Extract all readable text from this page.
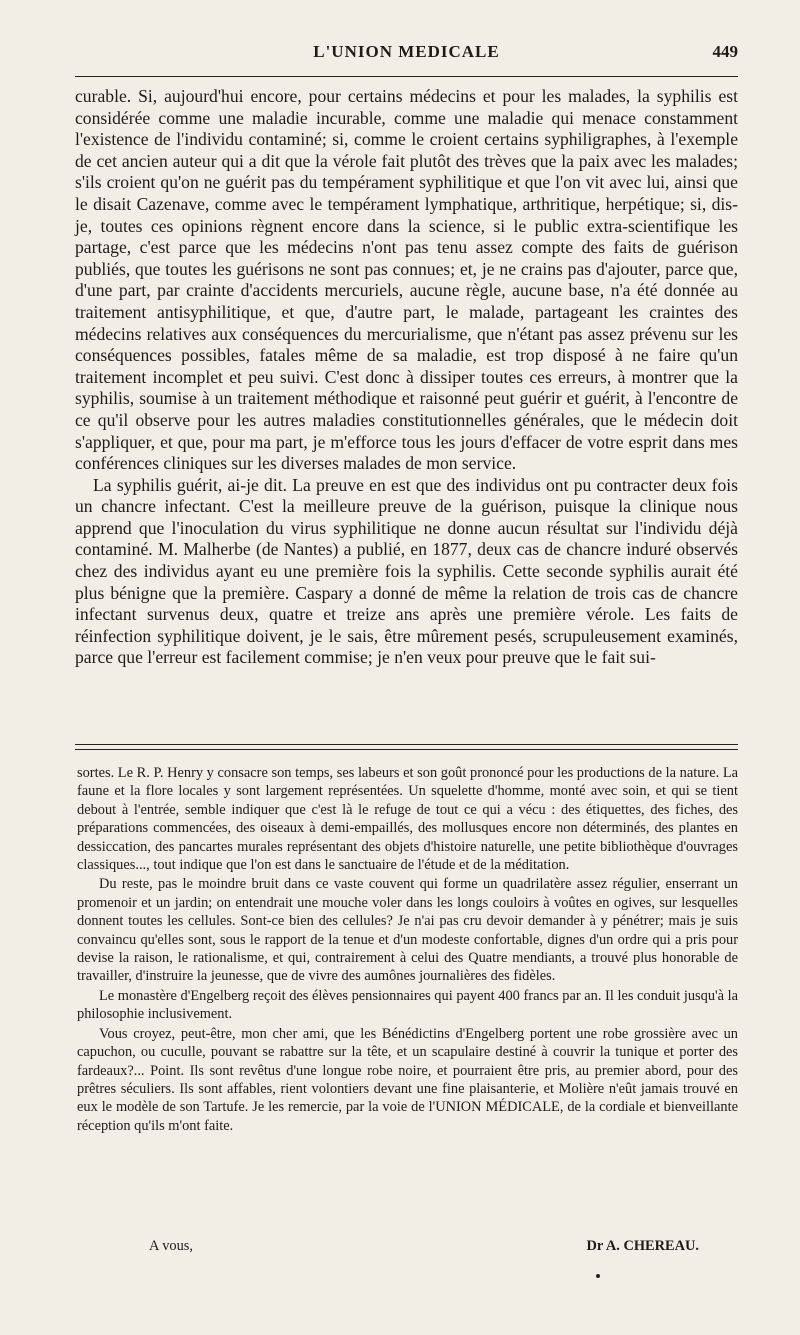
L'UNION MEDICALE	449

curable. Si, aujourd'hui encore, pour certains médecins et pour les malades, la syphilis est considérée comme une maladie incurable, comme une maladie qui menace constamment l'existence de l'individu contaminé; si, comme le croient certains syphiligraphes, à l'exemple de cet ancien auteur qui a dit que la vérole fait plutôt des trèves que la paix avec les malades; s'ils croient qu'on ne guérit pas du tempérament syphilitique et que l'on vit avec lui, ainsi que le disait Cazenave, comme avec le tempérament lymphatique, arthritique, herpétique; si, dis-je, toutes ces opinions règnent encore dans la science, si le public extra-scientifique les partage, c'est parce que les médecins n'ont pas tenu assez compte des faits de guérison publiés, que toutes les guérisons ne sont pas connues; et, je ne crains pas d'ajouter, parce que, d'une part, par crainte d'accidents mercuriels, aucune règle, aucune base, n'a été donnée au traitement antisyphilitique, et que, d'autre part, le malade, partageant les craintes des médecins relatives aux conséquences du mercurialisme, que n'étant pas assez prévenu sur les conséquences possibles, fatales même de sa maladie, est trop disposé à ne faire qu'un traitement incomplet et peu suivi. C'est donc à dissiper toutes ces erreurs, à montrer que la syphilis, soumise à un traitement méthodique et raisonné peut guérir et guérit, à l'encontre de ce qu'il observe pour les autres maladies constitutionnelles générales, que le médecin doit s'appliquer, et que, pour ma part, je m'efforce tous les jours d'effacer de votre esprit dans mes conférences cliniques sur les diverses malades de mon service.

La syphilis guérit, ai-je dit. La preuve en est que des individus ont pu contracter deux fois un chancre infectant. C'est la meilleure preuve de la guérison, puisque la clinique nous apprend que l'inoculation du virus syphilitique ne donne aucun résultat sur l'individu déjà contaminé. M. Malherbe (de Nantes) a publié, en 1877, deux cas de chancre induré observés chez des individus ayant eu une première fois la syphilis. Cette seconde syphilis aurait été plus bénigne que la première. Caspary a donné de même la relation de trois cas de chancre infectant survenus deux, quatre et treize ans après une première vérole. Les faits de réinfection syphilitique doivent, je le sais, être mûrement pesés, scrupuleusement examinés, parce que l'erreur est facilement commise; je n'en veux pour preuve que le fait sui-

sortes. Le R. P. Henry y consacre son temps, ses labeurs et son goût prononcé pour les productions de la nature. La faune et la flore locales y sont largement représentées. Un squelette d'homme, monté avec soin, et qui se tient debout à l'entrée, semble indiquer que c'est là le refuge de tout ce qui a vécu : des étiquettes, des fiches, des préparations commencées, des oiseaux à demi-empaillés, des mollusques encore non déterminés, des plantes en dessiccation, des pancartes murales représentant des objets d'histoire naturelle, une petite bibliothèque d'ouvrages classiques..., tout indique que l'on est dans le sanctuaire de l'étude et de la méditation.

Du reste, pas le moindre bruit dans ce vaste couvent qui forme un quadrilatère assez régulier, enserrant un promenoir et un jardin; on entendrait une mouche voler dans les longs couloirs à voûtes en ogives, sur lesquelles donnent toutes les cellules. Sont-ce bien des cellules? Je n'ai pas cru devoir demander à y pénétrer; mais je suis convaincu qu'elles sont, sous le rapport de la tenue et d'un modeste confortable, dignes d'un ordre qui a pris pour devise la raison, le rationalisme, et qui, contrairement à celui des Quatre mendiants, a trouvé plus honorable de travailler, d'instruire la jeunesse, que de vivre des aumônes journalières des fidèles.

Le monastère d'Engelberg reçoit des élèves pensionnaires qui payent 400 francs par an. Il les conduit jusqu'à la philosophie inclusivement.

Vous croyez, peut-être, mon cher ami, que les Bénédictins d'Engelberg portent une robe grossière avec un capuchon, ou cuculle, pouvant se rabattre sur la tête, et un scapulaire destiné à couvrir la tunique et porter des fardeaux?... Point. Ils sont revêtus d'une longue robe noire, et pourraient être pris, au premier abord, pour des prêtres séculiers. Ils sont affables, rient volontiers devant une fine plaisanterie, et Molière n'eût jamais trouvé en eux le modèle de son Tartufe. Je les remercie, par la voie de l'UNION MÉDICALE, de la cordiale et bienveillante réception qu'ils m'ont faite.

A vous,	Dr A. CHEREAU.
